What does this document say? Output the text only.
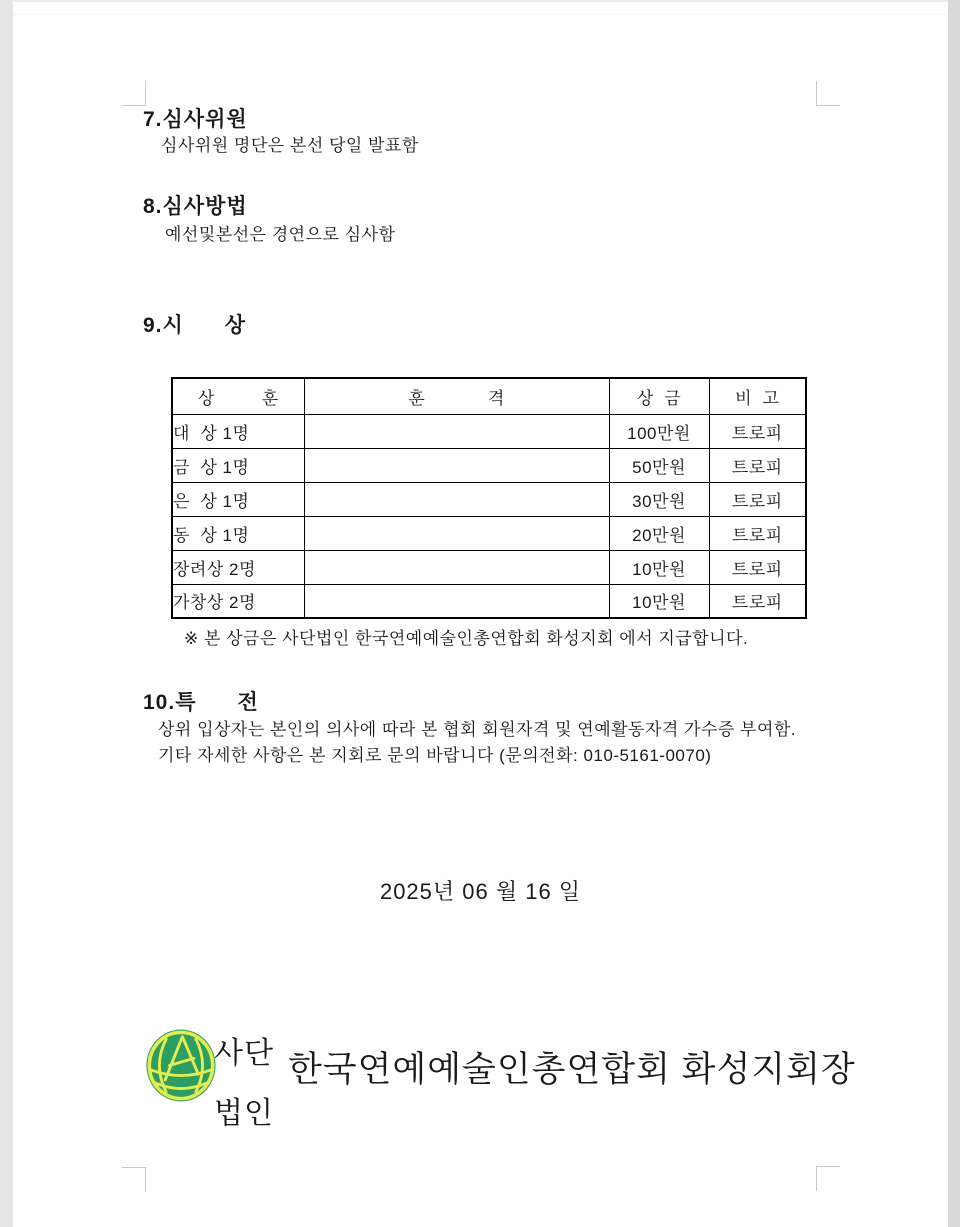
7.심사위원
심사위원 명단은 본선 당일 발표함
8.심사방법
예선및본선은 경연으로 심사함
9.시      상
상         훈	훈            격	상  금	비  고
대  상 1명		100만원	트로피
금  상 1명		50만원	트로피
은  상 1명		30만원	트로피
동  상 1명		20만원	트로피
장려상 2명		10만원	트로피
가창상 2명		10만원	트로피
※ 본 상금은 사단법인 한국연예예술인총연합회 화성지회 에서 지급합니다.
10.특      전
상위 입상자는 본인의 의사에 따라 본 협회 회원자격 및 연예활동자격 가수증 부여함.
기타 자세한 사항은 본 지회로 문의 바랍니다 (문의전화: 010-5161-0070)
2025년 06 월 16 일
사단
법인
한국연예예술인총연합회 화성지회장
